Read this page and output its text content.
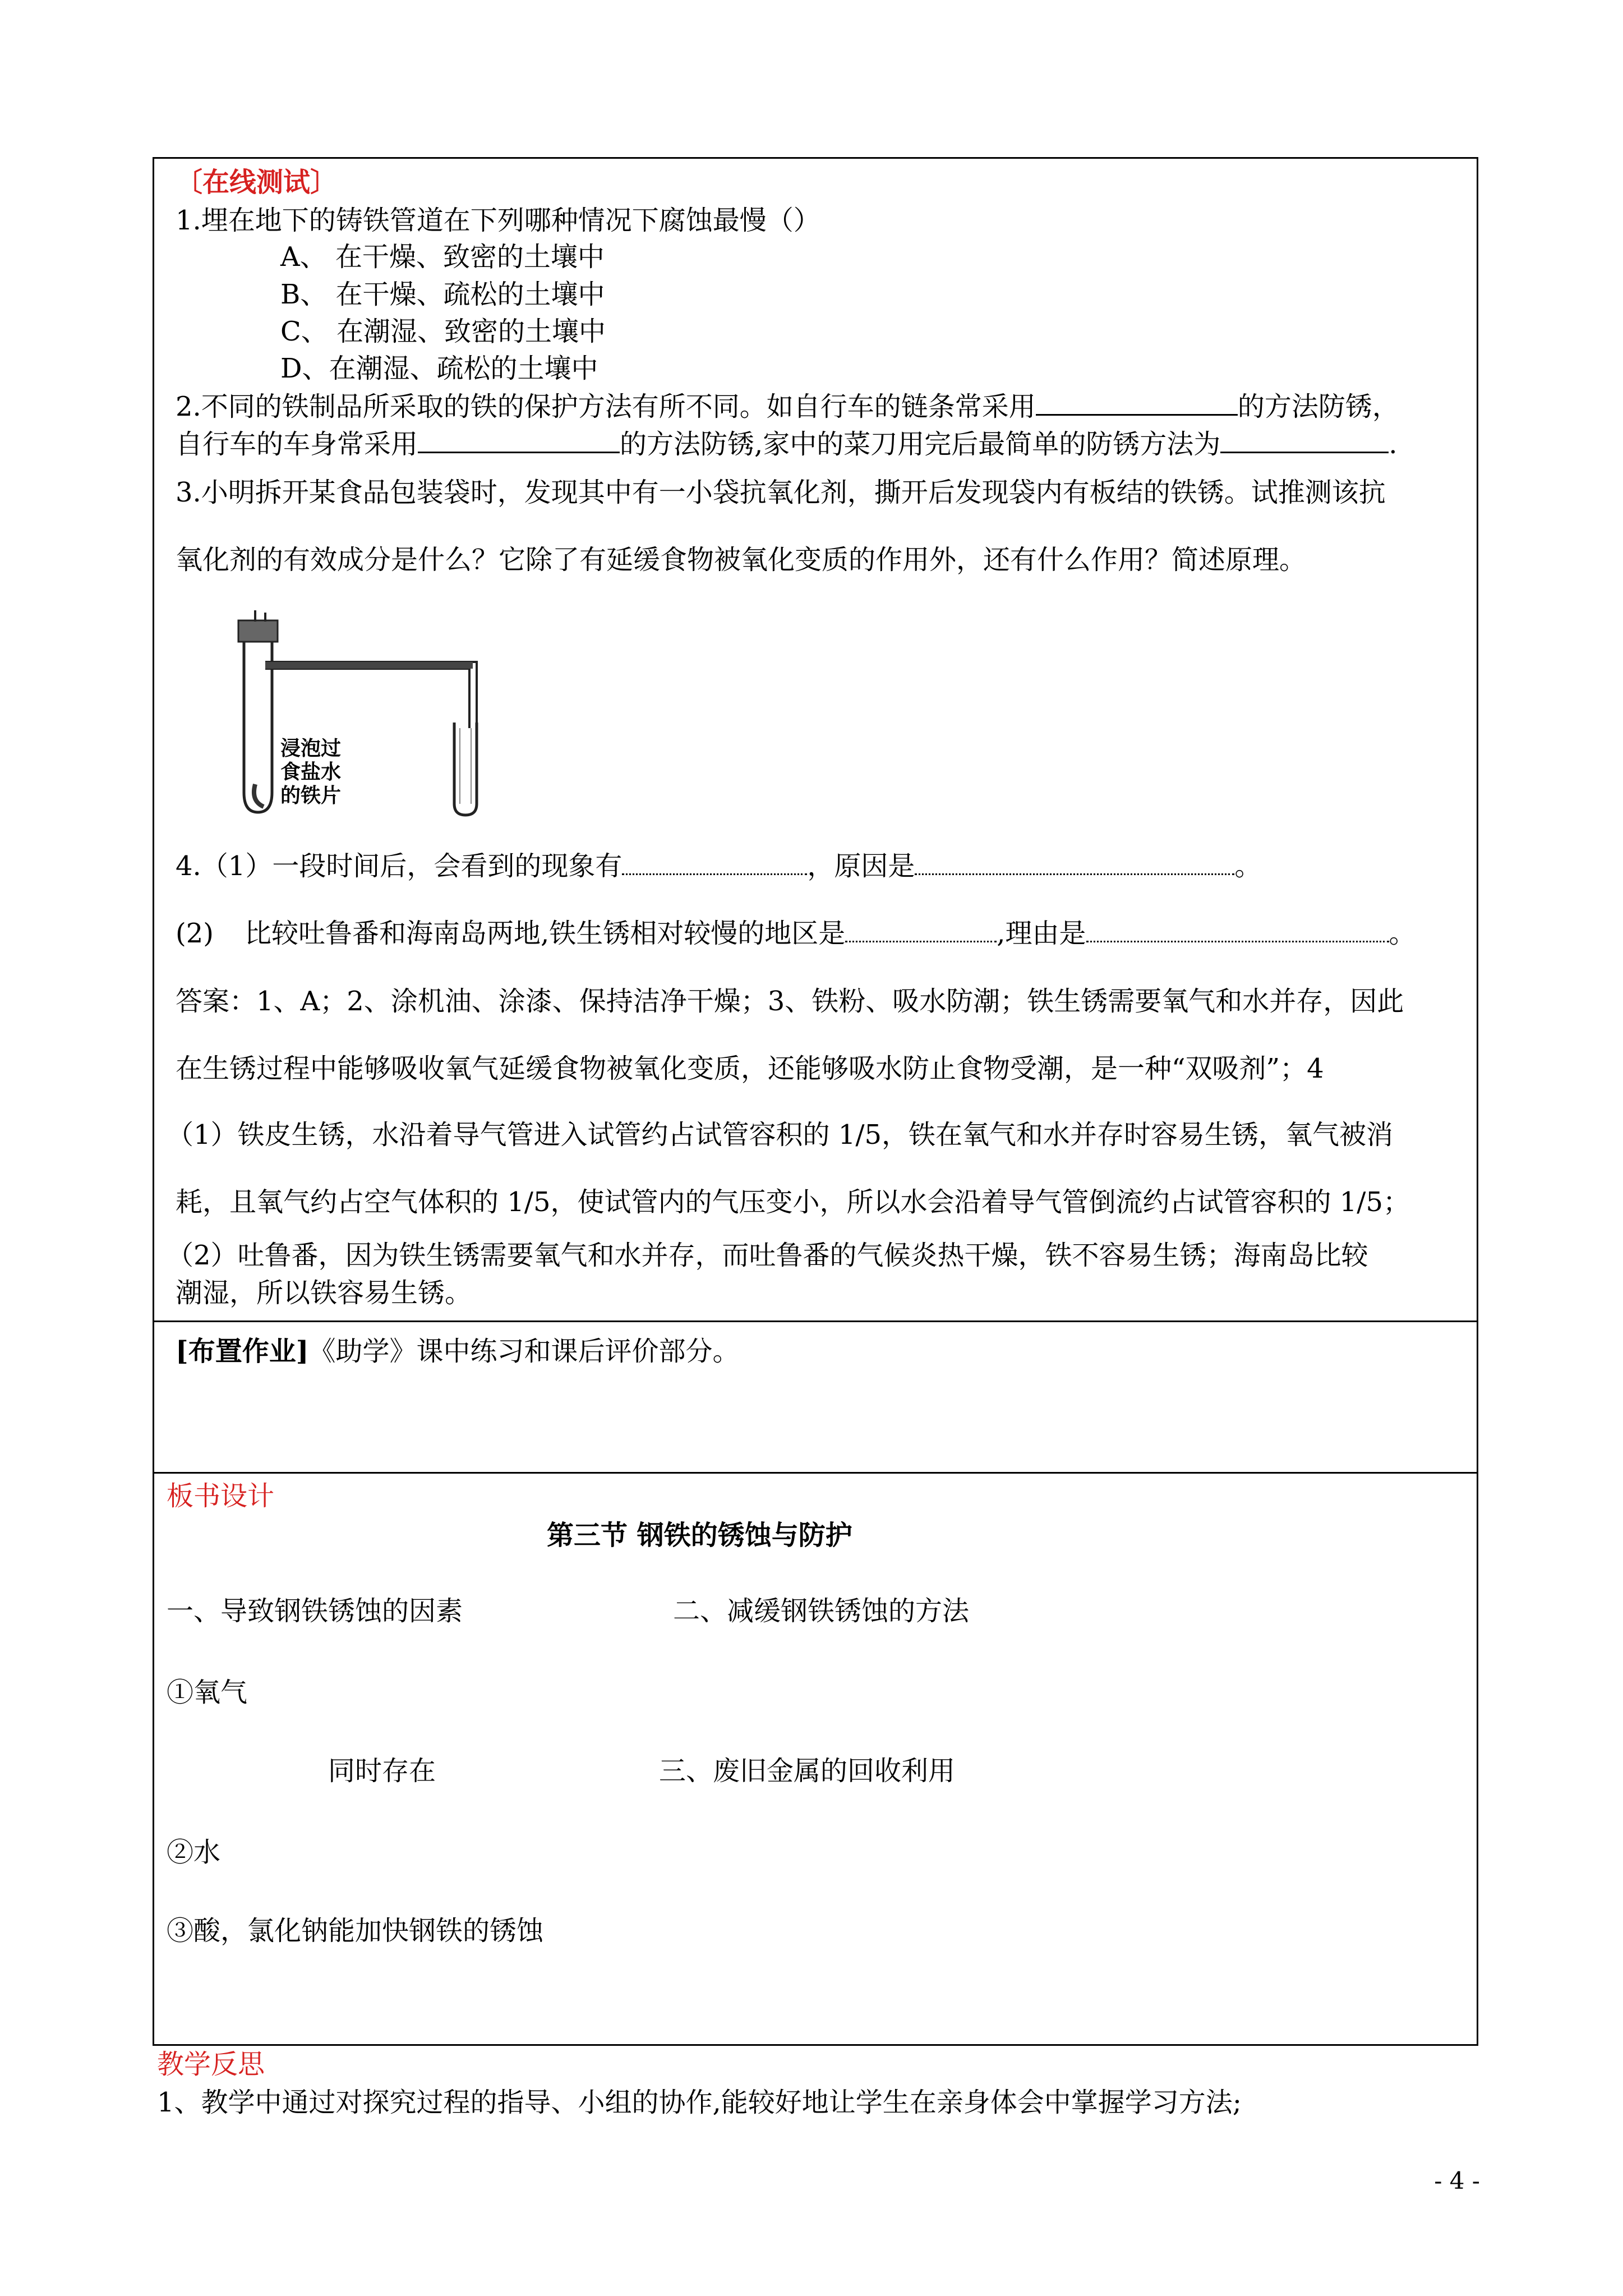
〔在线测试〕
1.埋在地下的铸铁管道在下列哪种情况下腐蚀最慢（）
A、 在干燥、致密的土壤中
B、 在干燥、疏松的土壤中
C、 在潮湿、致密的土壤中
D、在潮湿、疏松的土壤中
2.不同的铁制品所采取的铁的保护方法有所不同。如自行车的链条常采用	的方法防锈，
自行车的车身常采用	的方法防锈,家中的菜刀用完后最简单的防锈方法为	.
3.小明拆开某食品包装袋时，发现其中有一小袋抗氧化剂，撕开后发现袋内有板结的铁锈。试推测该抗
氧化剂的有效成分是什么？它除了有延缓食物被氧化变质的作用外，还有什么作用？简述原理。
浸泡过
食盐水
的铁片
4.（1）一段时间后，会看到的现象有	，原因是	。
(2) 比较吐鲁番和海南岛两地,铁生锈相对较慢的地区是	,理由是	。
答案：1、A；2、涂机油、涂漆、保持洁净干燥；3、铁粉、吸水防潮；铁生锈需要氧气和水并存，因此
在生锈过程中能够吸收氧气延缓食物被氧化变质，还能够吸水防止食物受潮，是一种“双吸剂”；4
（1）铁皮生锈，水沿着导气管进入试管约占试管容积的 1/5，铁在氧气和水并存时容易生锈，氧气被消
耗，且氧气约占空气体积的 1/5，使试管内的气压变小，所以水会沿着导气管倒流约占试管容积的 1/5；
（2）吐鲁番，因为铁生锈需要氧气和水并存，而吐鲁番的气候炎热干燥，铁不容易生锈；海南岛比较
潮湿，所以铁容易生锈。
[布置作业]《助学》课中练习和课后评价部分。
板书设计
第三节 钢铁的锈蚀与防护
一、导致钢铁锈蚀的因素	二、减缓钢铁锈蚀的方法
①氧气
同时存在	三、废旧金属的回收利用
②水
③酸，氯化钠能加快钢铁的锈蚀
教学反思
1、教学中通过对探究过程的指导、小组的协作,能较好地让学生在亲身体会中掌握学习方法;
- 4 -
